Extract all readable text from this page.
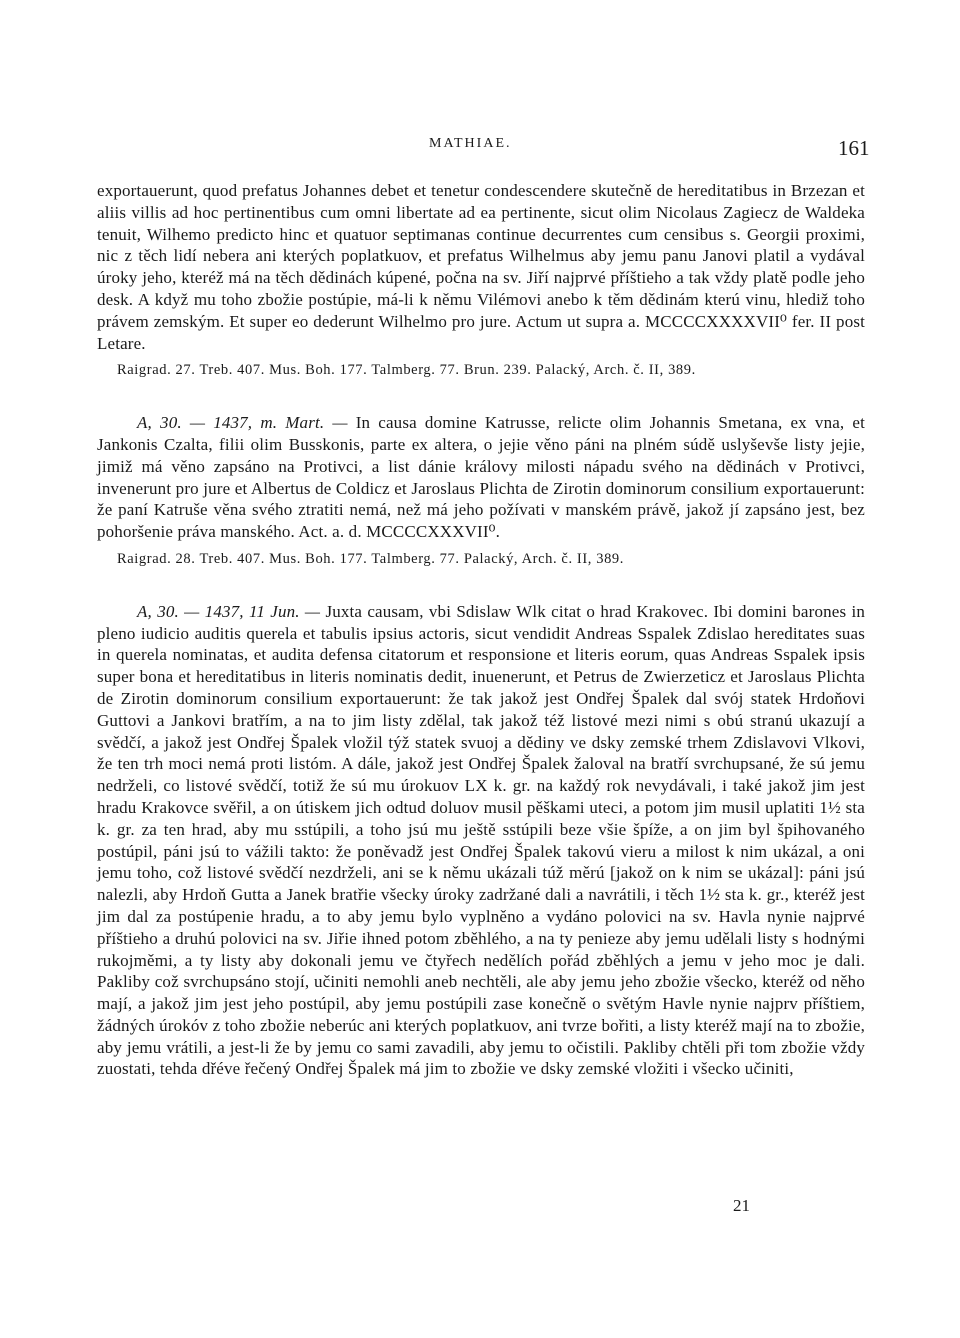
MATHIAE.	161

exportauerunt, quod prefatus Johannes debet et tenetur condescendere skutečně de hereditatibus in Brzezan et aliis villis ad hoc pertinentibus cum omni libertate ad ea pertinente, sicut olim Nicolaus Zagiecz de Waldeka tenuit, Wilhemo predicto hinc et quatuor septimanas continue decurrentes cum censibus s. Georgii proximi, nic z těch lidí nebera ani kterých poplatkuov, et prefatus Wilhelmus aby jemu panu Janovi platil a vydával úroky jeho, kteréž má na těch dědinách kúpené, počna na sv. Jiří najprvé příštieho a tak vždy platě podle jeho desk. A když mu toho zbožie postúpie, má-li k němu Vilémovi anebo k těm dědinám kterú vinu, hlediž toho právem zemským. Et super eo dederunt Wilhelmo pro jure. Actum ut supra a. MCCCCXXXXVII⁰ fer. II post Letare.

Raigrad. 27. Treb. 407. Mus. Boh. 177. Talmberg. 77. Brun. 239. Palacký, Arch. č. II, 389.

A, 30. — 1437, m. Mart. — In causa domine Katrusse, relicte olim Johannis Smetana, ex vna, et Jankonis Czalta, filii olim Busskonis, parte ex altera, o jejie věno páni na plném súdě uslyševše listy jejie, jimiž má věno zapsáno na Protivci, a list dánie královy milosti nápadu svého na dědinách v Protivci, invenerunt pro jure et Albertus de Coldicz et Jaroslaus Plichta de Zirotin dominorum consilium exportauerunt: že paní Katruše věna svého ztratiti nemá, než má jeho požívati v manském právě, jakož jí zapsáno jest, bez pohoršenie práva manského. Act. a. d. MCCCCXXXVII⁰.

Raigrad. 28. Treb. 407. Mus. Boh. 177. Talmberg. 77. Palacký, Arch. č. II, 389.

A, 30. — 1437, 11 Jun. — Juxta causam, vbi Sdislaw Wlk citat o hrad Krakovec. Ibi domini barones in pleno iudicio auditis querela et tabulis ipsius actoris, sicut vendidit Andreas Sspalek Zdislao hereditates suas in querela nominatas, et audita defensa citatorum et responsione et literis eorum, quas Andreas Sspalek ipsis super bona et hereditatibus in literis nominatis dedit, inuenerunt, et Petrus de Zwierzeticz et Jaroslaus Plichta de Zirotin dominorum consilium exportauerunt: že tak jakož jest Ondřej Špalek dal svój statek Hrdoňovi Guttovi a Jankovi bratřím, a na to jim listy zdělal, tak jakož též listové mezi nimi s obú stranú ukazují a svědčí, a jakož jest Ondřej Špalek vložil týž statek svuoj a dědiny ve dsky zemské trhem Zdislavovi Vlkovi, že ten trh moci nemá proti listóm. A dále, jakož jest Ondřej Špalek žaloval na bratří svrchupsané, že sú jemu nedrželi, co listové svědčí, totiž že sú mu úrokuov LX k. gr. na každý rok nevydávali, i také jakož jim jest hradu Krakovce svěřil, a on útiskem jich odtud doluov musil pěškami uteci, a potom jim musil uplatiti 1½ sta k. gr. za ten hrad, aby mu sstúpili, a toho jsú mu ještě sstúpili beze všie špíže, a on jim byl špihovaného postúpil, páni jsú to vážili takto: že poněvadž jest Ondřej Špalek takovú vieru a milost k nim ukázal, a oni jemu toho, což listové svědčí nezdrželi, ani se k němu ukázali túž měrú [jakož on k nim se ukázal]: páni jsú nalezli, aby Hrdoň Gutta a Janek bratřie všecky úroky zadržané dali a navrátili, i těch 1½ sta k. gr., kteréž jest jim dal za postúpenie hradu, a to aby jemu bylo vyplněno a vydáno polovici na sv. Havla nynie najprvé příštieho a druhú polovici na sv. Jiřie ihned potom zběhlého, a na ty penieze aby jemu udělali listy s hodnými rukojměmi, a ty listy aby dokonali jemu ve čtyřech nedělích pořád zběhlých a jemu v jeho moc je dali. Pakliby což svrchupsáno stojí, učiniti nemohli aneb nechtěli, ale aby jemu jeho zbožie všecko, kteréž od něho mají, a jakož jim jest jeho postúpil, aby jemu postúpili zase konečně o světým Havle nynie najprv příštiem, žádných úrokóv z toho zbožie neberúc ani kterých poplatkuov, ani tvrze bořiti, a listy kteréž mají na to zbožie, aby jemu vrátili, a jest-li že by jemu co sami zavadili, aby jemu to očistili. Pakliby chtěli při tom zbožie vždy zuostati, tehda dřéve řečený Ondřej Špalek má jim to zbožie ve dsky zemské vložiti i všecko učiniti,

21
